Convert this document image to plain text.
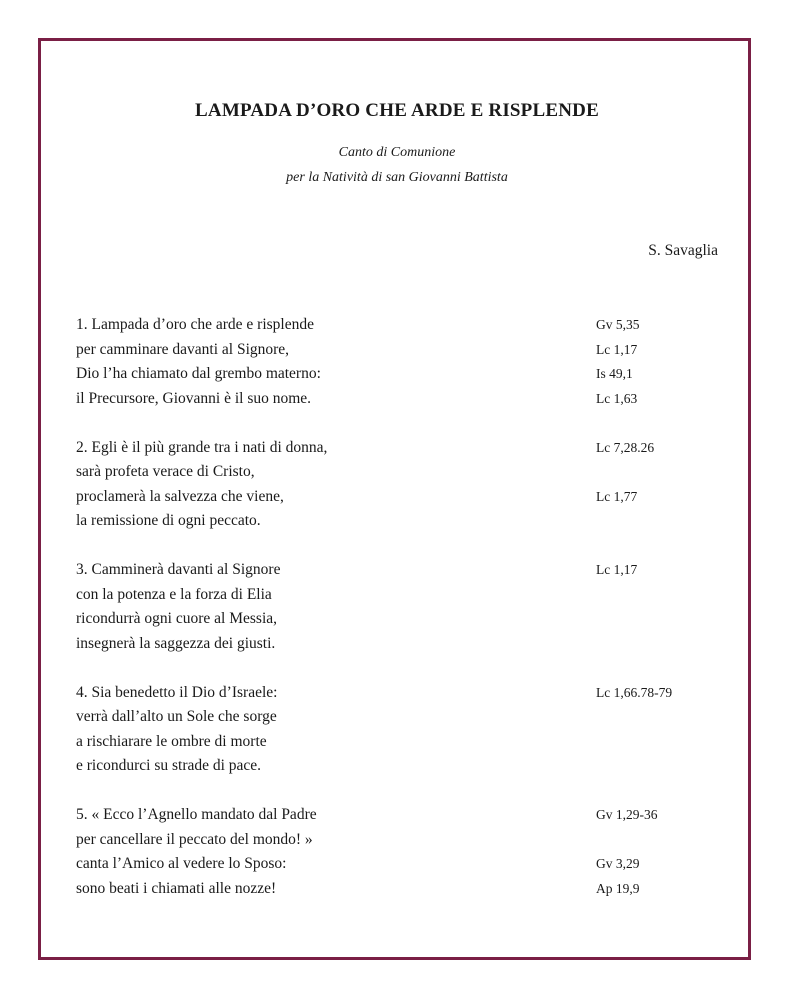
LAMPADA D’ORO CHE ARDE E RISPLENDE
Canto di Comunione
per la Natività di san Giovanni Battista
S. Savaglia
1. Lampada d’oro che arde e risplende	Gv 5,35
per camminare davanti al Signore,	Lc 1,17
Dio l’ha chiamato dal grembo materno:	Is 49,1
il Precursore, Giovanni è il suo nome.	Lc 1,63
2. Egli è il più grande tra i nati di donna,	Lc 7,28.26
sarà profeta verace di Cristo,
proclamerà la salvezza che viene,	Lc 1,77
la remissione di ogni peccato.
3. Camminerà davanti al Signore	Lc 1,17
con la potenza e la forza di Elia
ricondurrà ogni cuore al Messia,
insegnerà la saggezza dei giusti.
4. Sia benedetto il Dio d’Israele:	Lc 1,66.78-79
verrà dall’alto un Sole che sorge
a rischiarare le ombre di morte
e ricondurci su strade di pace.
5. « Ecco l’Agnello mandato dal Padre	Gv 1,29-36
per cancellare il peccato del mondo! »
canta l’Amico al vedere lo Sposo:	Gv 3,29
sono beati i chiamati alle nozze!	Ap 19,9
